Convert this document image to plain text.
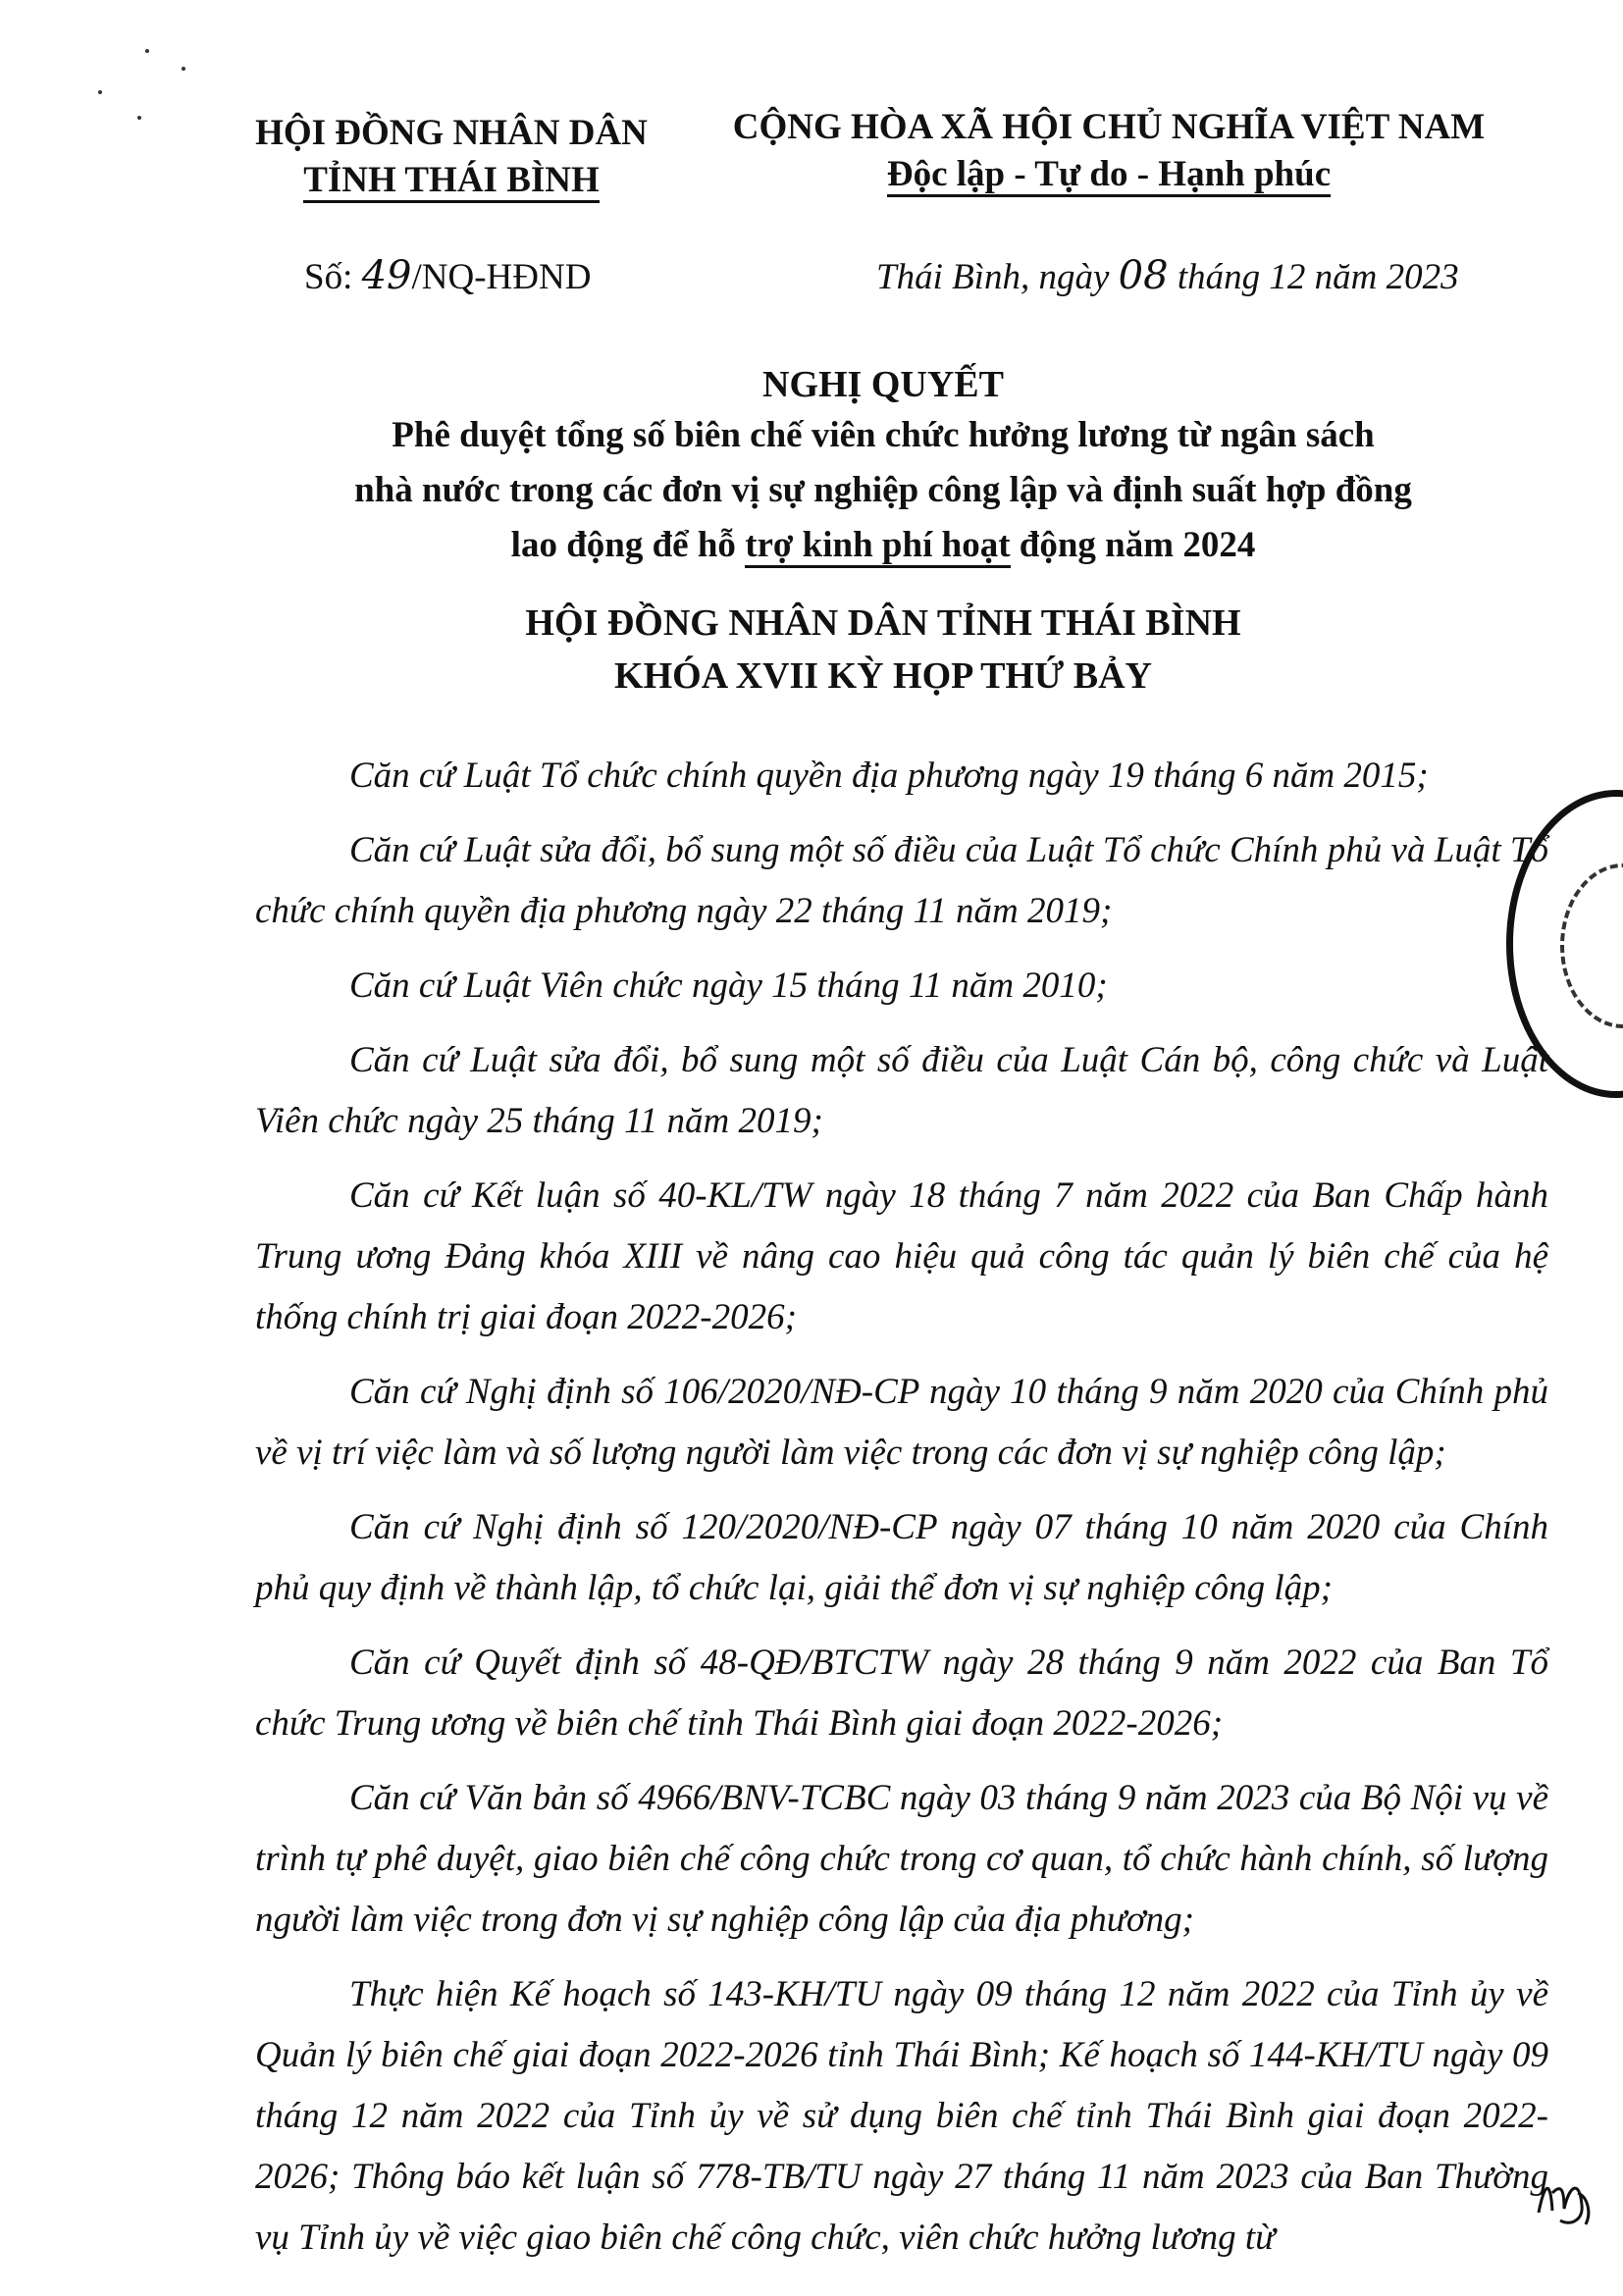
HỘI ĐỒNG NHÂN DÂN
TỈNH THÁI BÌNH
CỘNG HÒA XÃ HỘI CHỦ NGHĨA VIỆT NAM
Độc lập - Tự do - Hạnh phúc
Số: 49/NQ-HĐND	Thái Bình, ngày 08 tháng 12 năm 2023
NGHỊ QUYẾT
Phê duyệt tổng số biên chế viên chức hưởng lương từ ngân sách
nhà nước trong các đơn vị sự nghiệp công lập và định suất hợp đồng
lao động để hỗ trợ kinh phí hoạt động năm 2024
HỘI ĐỒNG NHÂN DÂN TỈNH THÁI BÌNH
KHÓA XVII KỲ HỌP THỨ BẢY

Căn cứ Luật Tổ chức chính quyền địa phương ngày 19 tháng 6 năm 2015;

Căn cứ Luật sửa đổi, bổ sung một số điều của Luật Tổ chức Chính phủ và Luật Tổ chức chính quyền địa phương ngày 22 tháng 11 năm 2019;

Căn cứ Luật Viên chức ngày 15 tháng 11 năm 2010;

Căn cứ Luật sửa đổi, bổ sung một số điều của Luật Cán bộ, công chức và Luật Viên chức ngày 25 tháng 11 năm 2019;

Căn cứ Kết luận số 40-KL/TW ngày 18 tháng 7 năm 2022 của Ban Chấp hành Trung ương Đảng khóa XIII về nâng cao hiệu quả công tác quản lý biên chế của hệ thống chính trị giai đoạn 2022-2026;

Căn cứ Nghị định số 106/2020/NĐ-CP ngày 10 tháng 9 năm 2020 của Chính phủ về vị trí việc làm và số lượng người làm việc trong các đơn vị sự nghiệp công lập;

Căn cứ Nghị định số 120/2020/NĐ-CP ngày 07 tháng 10 năm 2020 của Chính phủ quy định về thành lập, tổ chức lại, giải thể đơn vị sự nghiệp công lập;

Căn cứ Quyết định số 48-QĐ/BTCTW ngày 28 tháng 9 năm 2022 của Ban Tổ chức Trung ương về biên chế tỉnh Thái Bình giai đoạn 2022-2026;

Căn cứ Văn bản số 4966/BNV-TCBC ngày 03 tháng 9 năm 2023 của Bộ Nội vụ về trình tự phê duyệt, giao biên chế công chức trong cơ quan, tổ chức hành chính, số lượng người làm việc trong đơn vị sự nghiệp công lập của địa phương;

Thực hiện Kế hoạch số 143-KH/TU ngày 09 tháng 12 năm 2022 của Tỉnh ủy về Quản lý biên chế giai đoạn 2022-2026 tỉnh Thái Bình; Kế hoạch số 144-KH/TU ngày 09 tháng 12 năm 2022 của Tỉnh ủy về sử dụng biên chế tỉnh Thái Bình giai đoạn 2022-2026; Thông báo kết luận số 778-TB/TU ngày 27 tháng 11 năm 2023 của Ban Thường vụ Tỉnh ủy về việc giao biên chế công chức, viên chức hưởng lương từ
